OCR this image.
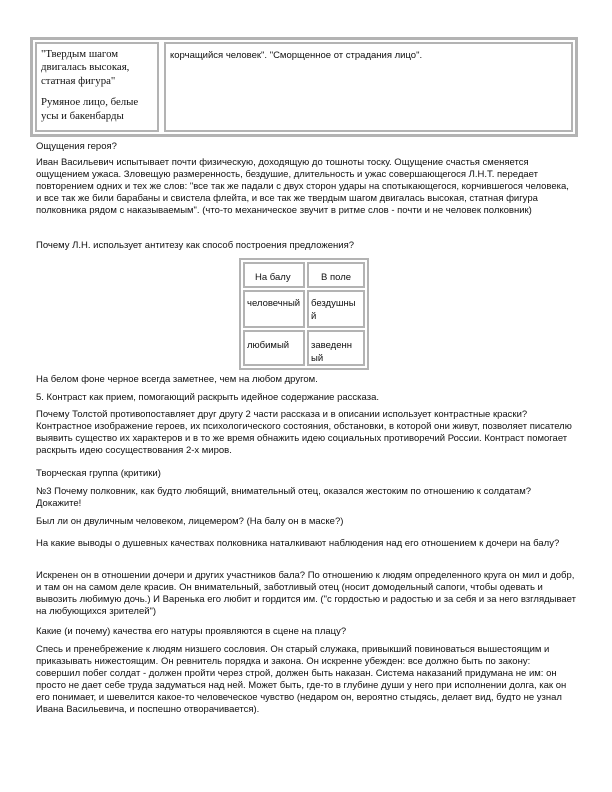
"Твердым шагом двигалась высокая, статная фигура"

Румяное лицо, белые усы и бакенбарды

корчащийся человек". "Сморщенное от страдания лицо".

Ощущения героя?

Иван Васильевич испытывает почти физическую, доходящую до тошноты тоску. Ощущение счастья сменяется ощущением ужаса. Зловещую размеренность, бездушие, длительность и ужас совершающегося Л.Н.Т. передает повторением одних и тех же слов: "все так же падали с двух сторон удары на спотыкающегося, корчившегося человека, и все так же били барабаны и свистела флейта, и все так же твердым шагом двигалась высокая, статная фигура полковника рядом с наказываемым". (что-то механическое звучит в ритме слов - почти и не человек полковник)

Почему Л.Н. использует антитезу как способ построения предложения?

На балу	В поле
человечный	бездушны й
любимый	заведенн ый

На белом фоне черное всегда заметнее, чем на любом другом.

5. Контраст как прием, помогающий раскрыть идейное содержание рассказа.

Почему Толстой противопоставляет друг другу 2 части рассказа и в описании использует контрастные краски? Контрастное изображение героев, их психологического состояния, обстановки, в которой они живут, позволяет писателю выявить существо их характеров и в то же время обнажить идею социальных противоречий России. Контраст помогает раскрыть идею сосуществования 2-х миров.

Творческая группа (критики)

№3 Почему полковник, как будто любящий, внимательный отец, оказался жестоким по отношению к солдатам? Докажите!

Был ли он двуличным человеком, лицемером? (На балу он в маске?)

На какие выводы о душевных качествах полковника наталкивают наблюдения над его отношением к дочери на балу?

Искренен он в отношении дочери и других участников бала? По отношению к людям определенного круга он мил и добр, и там он на самом деле красив. Он внимательный, заботливый отец (носит домодельный сапоги, чтобы одевать и вывозить любимую дочь.) И Варенька его любит и гордится им. ("с гордостью и радостью и за себя и за него взглядывает на любующихся зрителей")

Какие (и почему) качества его натуры проявляются в сцене на плацу?

Спесь и пренебрежение к людям низшего сословия. Он старый служака, привыкший повиноваться вышестоящим и приказывать нижестоящим. Он ревнитель порядка и закона. Он искренне убежден: все должно быть по закону: совершил побег солдат - должен пройти через строй, должен быть наказан. Система наказаний придумана не им: он просто не дает себе труда задуматься над ней. Может быть, где-то в глубине души у него при исполнении долга, как он его понимает, и шевелится какое-то человеческое чувство (недаром он, вероятно стыдясь, делает вид, будто не узнал Ивана Васильевича, и поспешно отворачивается).
